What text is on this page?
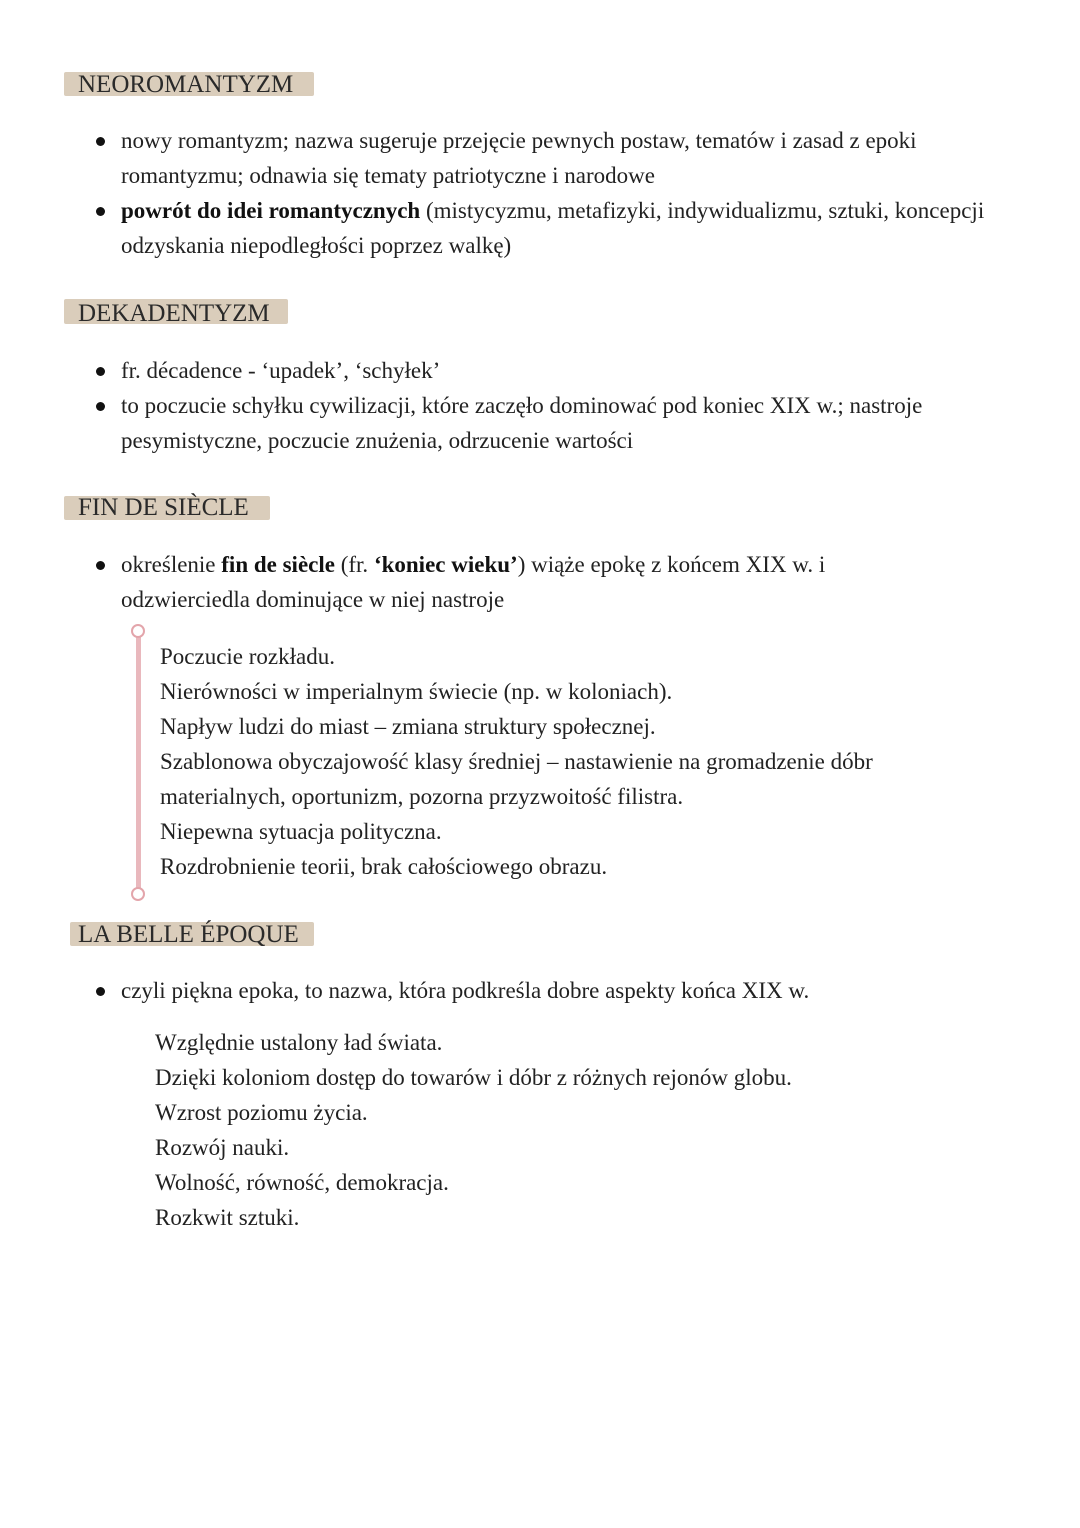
NEOROMANTYZM
nowy romantyzm; nazwa sugeruje przejęcie pewnych postaw, tematów i zasad z epoki romantyzmu; odnawia się tematy patriotyczne i narodowe
powrót do idei romantycznych (mistycyzmu, metafizyki, indywidualizmu, sztuki, koncepcji odzyskania niepodległości poprzez walkę)
DEKADENTYZM
fr. décadence - ‘upadek’, ‘schyłek’
to poczucie schyłku cywilizacji, które zaczęło dominować pod koniec XIX w.; nastroje pesymistyczne, poczucie znużenia, odrzucenie wartości
FIN DE SIÈCLE
określenie fin de siècle (fr. ‘koniec wieku’) wiąże epokę z końcem XIX w. i odzwierciedla dominujące w niej nastroje
Poczucie rozkładu.
Nierówności w imperialnym świecie (np. w koloniach).
Napływ ludzi do miast – zmiana struktury społecznej.
Szablonowa obyczajowość klasy średniej – nastawienie na gromadzenie dóbr materialnych, oportunizm, pozorna przyzwoitość filistra.
Niepewna sytuacja polityczna.
Rozdrobnienie teorii, brak całościowego obrazu.
LA BELLE ÉPOQUE
czyli piękna epoka, to nazwa, która podkreśla dobre aspekty końca XIX w.
Względnie ustalony ład świata.
Dzięki koloniom dostęp do towarów i dóbr z różnych rejonów globu.
Wzrost poziomu życia.
Rozwój nauki.
Wolność, równość, demokracja.
Rozkwit sztuki.
